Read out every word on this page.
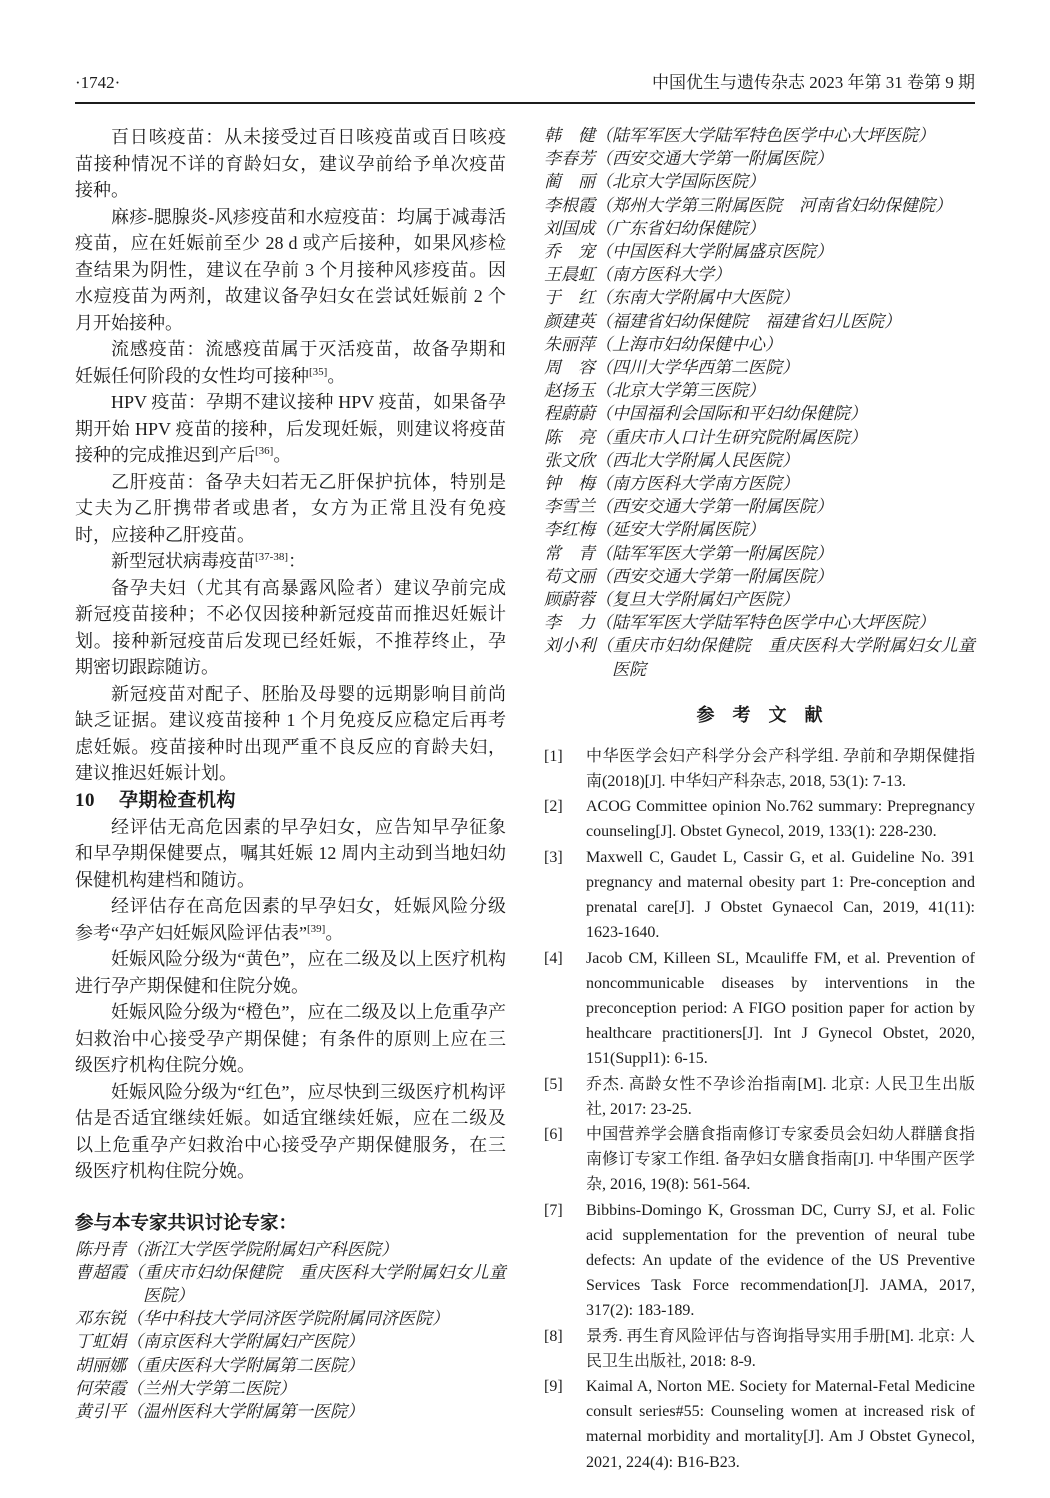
·1742·	中国优生与遗传杂志 2023 年第 31 卷第 9 期

百日咳疫苗：从未接受过百日咳疫苗或百日咳疫苗接种情况不详的育龄妇女，建议孕前给予单次疫苗接种。

麻疹-腮腺炎-风疹疫苗和水痘疫苗：均属于减毒活疫苗，应在妊娠前至少 28 d 或产后接种，如果风疹检查结果为阴性，建议在孕前 3 个月接种风疹疫苗。因水痘疫苗为两剂，故建议备孕妇女在尝试妊娠前 2 个月开始接种。

流感疫苗：流感疫苗属于灭活疫苗，故备孕期和妊娠任何阶段的女性均可接种[35]。

HPV 疫苗：孕期不建议接种 HPV 疫苗，如果备孕期开始 HPV 疫苗的接种，后发现妊娠，则建议将疫苗接种的完成推迟到产后[36]。

乙肝疫苗：备孕夫妇若无乙肝保护抗体，特别是丈夫为乙肝携带者或患者，女方为正常且没有免疫时，应接种乙肝疫苗。

新型冠状病毒疫苗[37-38]：

备孕夫妇（尤其有高暴露风险者）建议孕前完成新冠疫苗接种；不必仅因接种新冠疫苗而推迟妊娠计划。接种新冠疫苗后发现已经妊娠，不推荐终止，孕期密切跟踪随访。

新冠疫苗对配子、胚胎及母婴的远期影响目前尚缺乏证据。建议疫苗接种 1 个月免疫反应稳定后再考虑妊娠。疫苗接种时出现严重不良反应的育龄夫妇，建议推迟妊娠计划。

10 孕期检查机构

经评估无高危因素的早孕妇女，应告知早孕征象和早孕期保健要点，嘱其妊娠 12 周内主动到当地妇幼保健机构建档和随访。

经评估存在高危因素的早孕妇女，妊娠风险分级参考“孕产妇妊娠风险评估表”[39]。

妊娠风险分级为“黄色”，应在二级及以上医疗机构进行孕产期保健和住院分娩。

妊娠风险分级为“橙色”，应在二级及以上危重孕产妇救治中心接受孕产期保健；有条件的原则上应在三级医疗机构住院分娩。

妊娠风险分级为“红色”，应尽快到三级医疗机构评估是否适宜继续妊娠。如适宜继续妊娠，应在二级及以上危重孕产妇救治中心接受孕产期保健服务，在三级医疗机构住院分娩。

参与本专家共识讨论专家：
陈丹青（浙江大学医学院附属妇产科医院）
曹超霞（重庆市妇幼保健院　重庆医科大学附属妇女儿童医院）
邓东锐（华中科技大学同济医学院附属同济医院）
丁虹娟（南京医科大学附属妇产医院）
胡丽娜（重庆医科大学附属第二医院）
何荣霞（兰州大学第二医院）
黄引平（温州医科大学附属第一医院）
韩　健（陆军军医大学陆军特色医学中心大坪医院）
李春芳（西安交通大学第一附属医院）
蔺　丽（北京大学国际医院）
李根霞（郑州大学第三附属医院　河南省妇幼保健院）
刘国成（广东省妇幼保健院）
乔　宠（中国医科大学附属盛京医院）
王晨虹（南方医科大学）
于　红（东南大学附属中大医院）
颜建英（福建省妇幼保健院　福建省妇儿医院）
朱丽萍（上海市妇幼保健中心）
周　容（四川大学华西第二医院）
赵扬玉（北京大学第三医院）
程蔚蔚（中国福利会国际和平妇幼保健院）
陈　亮（重庆市人口计生研究院附属医院）
张文欣（西北大学附属人民医院）
钟　梅（南方医科大学南方医院）
李雪兰（西安交通大学第一附属医院）
李红梅（延安大学附属医院）
常　青（陆军军医大学第一附属医院）
苟文丽（西安交通大学第一附属医院）
顾蔚蓉（复旦大学附属妇产医院）
李　力（陆军军医大学陆军特色医学中心大坪医院）
刘小利（重庆市妇幼保健院　重庆医科大学附属妇女儿童医院
参　考　文　献
[1] 中华医学会妇产科学分会产科学组. 孕前和孕期保健指南(2018)[J]. 中华妇产科杂志, 2018, 53(1): 7-13.
[2] ACOG Committee opinion No.762 summary: Prepregnancy counseling[J]. Obstet Gynecol, 2019, 133(1): 228-230.
[3] Maxwell C, Gaudet L, Cassir G, et al. Guideline No. 391 pregnancy and maternal obesity part 1: Pre-conception and prenatal care[J]. J Obstet Gynaecol Can, 2019, 41(11): 1623-1640.
[4] Jacob CM, Killeen SL, Mcauliffe FM, et al. Prevention of noncommunicable diseases by interventions in the preconception period: A FIGO position paper for action by healthcare practitioners[J]. Int J Gynecol Obstet, 2020, 151(Suppl1): 6-15.
[5] 乔杰. 高龄女性不孕诊治指南[M]. 北京: 人民卫生出版社, 2017: 23-25.
[6] 中国营养学会膳食指南修订专家委员会妇幼人群膳食指南修订专家工作组. 备孕妇女膳食指南[J]. 中华围产医学杂, 2016, 19(8): 561-564.
[7] Bibbins-Domingo K, Grossman DC, Curry SJ, et al. Folic acid supplementation for the prevention of neural tube defects: An update of the evidence of the US Preventive Services Task Force recommendation[J]. JAMA, 2017, 317(2): 183-189.
[8] 景秀. 再生育风险评估与咨询指导实用手册[M]. 北京: 人民卫生出版社, 2018: 8-9.
[9] Kaimal A, Norton ME. Society for Maternal-Fetal Medicine consult series#55: Counseling women at increased risk of maternal morbidity and mortality[J]. Am J Obstet Gynecol, 2021, 224(4): B16-B23.
